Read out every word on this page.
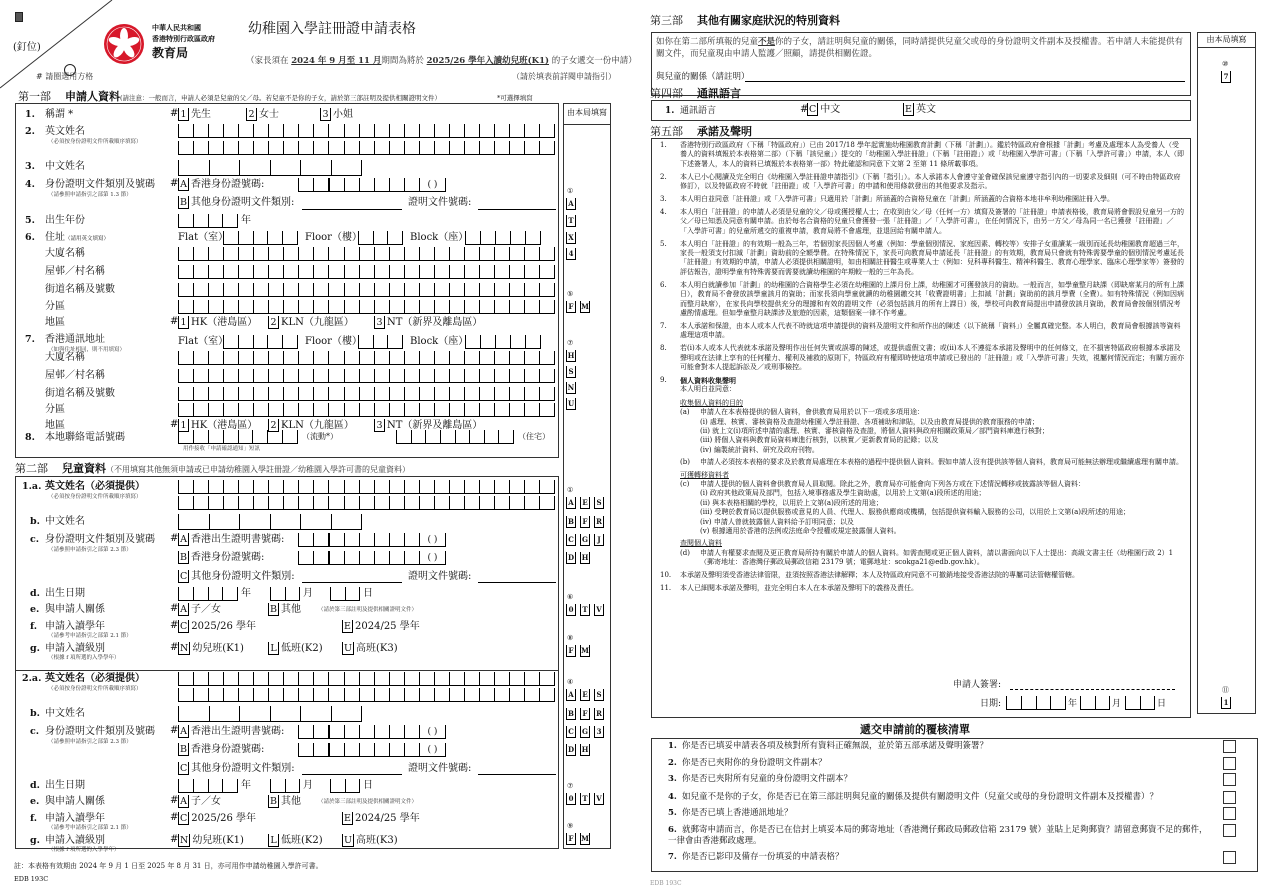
(釘位)
中華人民共和國
香港特別行政區政府
教育局
幼稚園入學註冊證申請表格
（家長須在 2024 年 9 月至 11 月期間為將於 2025/26 學年入讀幼兒班(K1) 的子女遞交一份申請）
# 請圈選用方格	（請於填表前詳閱申請指引）
第一部 申請人資料(請注意：一般而言，申請人必須是兒童的父／母。若兒童不是你的子女，請於第三部註明及提供相關證明文件）	*可選擇填寫
由本局填寫
1. 稱謂 *	# 1 先生	2 女士	3 小姐
2. 英文姓名
（必須按身份證明文件所載順序填寫）
3. 中文姓名
4. 身份證明文件類別及號碼
（請參照申請指引之部第 1.3 節）
# A 香港身份證號碼:	( )
B 其他身份證明文件類別:	證明文件號碼:
5. 出生年份	年
6. 住址（請用英文填寫）	Flat（室）	Floor（樓）	Block（座）
大廈名稱
屋邨／村名稱
街道名稱及號數
分區
地區	# 1 HK（港島區） 2 KLN（九龍區） 3 NT（新界及離島區）
7. 香港通訊地址
（如與住址相同，則不用填寫）
Flat（室）	Floor（樓）	Block（座）
大廈名稱
屋邨／村名稱
街道名稱及號數
分區
地區	# 1 HK（港島區） 2 KLN（九龍區） 3 NT（新界及離島區）
8. 本地聯絡電話號碼	（流動*）	（住宅）
用作接收「申請確認通知」短訊
第二部 兒童資料（不用填寫其他無須申請或已申請幼稚園入學註冊證／幼稚園入學許可書的兒童資料）
1.a. 英文姓名（必須提供）
（必須按身份證明文件所載順序填寫）
b. 中文姓名
c. 身份證明文件類別及號碼
（請參照申請指引之部第 2.3 節）
# A 香港出生證明書號碼:	( )
B 香港身份證號碼:	( )
C 其他身份證明文件類別:	證明文件號碼:
d. 出生日期	年	月	日
e. 與申請人關係	# A 子／女	B 其他	（請於第三部註明及提供相關證明文件）
f. 申請入讀學年
（請參考申請指引之部第 2.1 節）
# C 2025/26 學年	E 2024/25 學年
g. 申請入讀級別
（根據 f 項所選的入學學年）
# N 幼兒班(K1)	L 低班(K2) U 高班(K3)
2.a. 英文姓名（必須提供）
（必須按身份證明文件所載順序填寫）
b. 中文姓名
c. 身份證明文件類別及號碼
（請參照申請指引之部第 2.3 節）
# A 香港出生證明書號碼:	( )
B 香港身份證號碼:	( )
C 其他身份證明文件類別:	證明文件號碼:
d. 出生日期	年	月	日
e. 與申請人關係	# A 子／女	B 其他	（請於第三部註明及提供相關證明文件）
f. 申請入讀學年
（請參考申請指引之部第 2.1 節）
# C 2025/26 學年	E 2024/25 學年
g. 申請入讀級別
（根據 f 項所選的入學學年）
# N 幼兒班(K1)	L 低班(K2) U 高班(K3)
註：本表格有效期由 2024 年 9 月 1 日至 2025 年 8 月 31 日，亦可用作申請幼稚園入學許可書。
EDB 193C
第三部 其他有關家庭狀況的特別資料
如你在第二部所填報的兒童不是你的子女，請註明與兒童的關係，同時請提供兒童父或母的身份證明文件副本及授權書。若申請人未能提供有關文件，而兒童現由申請人監護／照顧，請提供相關佐證。
與兒童的關係（請註明）
由本局填寫
⑩
7
第四部 通訊語言
1. 通訊語言	# C 中文	E 英文
第五部 承諾及聲明
1.	香港特別行政區政府（下稱「特區政府」）已由 2017/18 學年起實施幼稚園教育計劃（下稱「計劃」）。鑑於特區政府會根據「計劃」考慮及處理本人為受養人（受養人的資料填報於本表格第二部）（下稱「該兒童」）提交的「幼稚園入學註冊證」（下稱「註冊證」）或「幼稚園入學許可書」（下稱「入學許可書」）申請，本人（即下述簽署人，本人的資料已填報於本表格第一部）特此確認和同意下文第 2 至第 11 條所載事項。
2.	本人已小心閱讀及完全明白《幼稚園入學註冊證申請指引》（下稱「指引」）。本人承諾本人會遵守並會確保該兒童遵守指引內的一切要求及細則（可不時由特區政府修訂），以及特區政府不時就「註冊證」或「入學許可書」的申請和使用條款發出的其他要求及指示。
3.	本人明白並同意「註冊證」或「入學許可書」只適用於「計劃」所涵蓋的合資格兒童在「計劃」所涵蓋的合資格本地非牟利幼稚園註冊入學。
4.	本人明白「註冊證」的申請人必須是兒童的父／母或獲授權人士；在收到由父／母（任何一方）填寫及簽署的「註冊證」申請表格後，教育局將會假設兒童另一方的父／母已知悉及同意有關申請。由於每名合資格的兒童只會獲發一張「註冊證」／「入學許可書」，在任何情況下，由另一方父／母為同一名已獲發「註冊證」／「入學許可書」的兒童所遞交的重複申請，教育局將不會處理，並退回給有關申請人。
5.	本人明白「註冊證」的有效期一般為三年，若個別家長因個人考慮（例如：學童個別情況、家庭因素、轉校等）安排子女重讀某一級別而延長幼稚園教育超過三年，家長一般須支付扣減「計劃」資助前的全額學費。在特殊情況下，家長可向教育局申請延長「註冊證」的有效期，教育局只會就有特殊需要學童的個別情況考慮延長「註冊證」有效期的申請，申請人必須提供相關證明，如由相關註冊醫生或專業人士（例如：兒科專科醫生、精神科醫生、教育心理學家、臨床心理學家等）簽發的評估報告，證明學童有特殊需要而需要就讀幼稚園的年期較一般的三年為長。
6.	本人明白就讀參加「計劃」的幼稚園的合資格學生必須在幼稚園的上課月份上課，幼稚園才可獲發該月的資助。一般而言，如學童整月缺課（即缺席某月的所有上課日），教育局不會發放該學童該月的資助；而家長須向學童就讀的幼稚園繳交其「收費證明書」上扣減「計劃」資助前的該月學費（全費）。如有特殊情況（例如因病而整月缺席），在家長向學校提供充分的理據和有效的證明文件（必須包括該月的所有上課日）後，學校可向教育局提出申請發放該月資助，教育局會按個別情況考慮酌情處理。但如學童整月缺課涉及旅遊的因素，這類個案一律不作考慮。
7.	本人承諾和保證，由本人或本人代表不時就這項申請提供的資料及證明文件和所作出的陳述（以下統稱「資料」）全屬真確完整。本人明白，教育局會根據該等資料處理這項申請。
8.	若(i)本人或本人代表就本承諾及聲明作出任何失實或誤導的陳述，或提供虛假文書；或(ii)本人不遵從本承諾及聲明中的任何條文，在不損害特區政府根據本承諾及聲明或在法律上享有的任何權力、權利及補救的原則下，特區政府有權即時使這項申請或已發出的「註冊證」或「入學許可書」失效，視屬何情況而定；有關方面亦可能會對本人提起訴訟及／或刑事檢控。
9.	個人資料收集聲明
本人明白並同意：
收集個人資料的目的
(a)	申請人在本表格提供的個人資料，會供教育局用於以下一項或多項用途：
(i) 處理、核實、審核資格及查證幼稚園入學註冊證、各項補助和津貼，以及由教育局提供的教育服務的申請；
(ii) 就上文(i)項所述申請的處理、核實、審核資格及查證，將個人資料與政府相關政策局／部門資料庫進行核對；
(iii) 將個人資料與教育局資料庫進行核對，以核實／更新教育局的記錄；以及
(iv) 編製統計資料、研究及政府刊物。
(b)	申請人必須按本表格的要求及於教育局處理在本表格的過程中提供個人資料。假如申請人沒有提供該等個人資料，教育局可能無法辦理或繼續處理有關申請。
可獲轉移資料者
(c)	申請人提供的個人資料會供教育局人員取閱。除此之外，教育局亦可能會向下列各方或在下述情況轉移或披露該等個人資料：
(i) 政府其他政策局及部門，包括入境事務處及學生資助處，以用於上文第(a)段所述的用途；
(ii) 與本表格相關的學校，以用於上文第(a)段所述的用途；
(iii) 受聘於教育局以提供服務或意見的人員、代理人、服務供應商或機構，包括提供資料輸入服務的公司，以用於上文第(a)段所述的用途；
(iv) 申請人曾就披露個人資料給予訂明同意；以及
(v) 根據適用於香港的法例或法庭命令授權或規定披露個人資料。
查閱個人資料
(d)	申請人有權要求查閱及更正教育局所持有關於申請人的個人資料。如需查閱或更正個人資料，請以書面向以下人士提出：高級文書主任（幼稚園行政 2）1（郵寄地址：香港灣仔郵政局郵政信箱 23179 號；電郵地址：scokga21@edb.gov.hk）。
10.	本承諾及聲明須受香港法律管限，並須按照香港法律解釋；本人及特區政府同意不可撤銷地接受香港法院的專屬司法管轄權管轄。
11.	本人已細閱本承諾及聲明，並完全明白本人在本承諾及聲明下的義務及責任。
申請人簽署:
日期:	年	月	日
⑪
1
遞交申請前的覆核清單
EDB 193C
1. 你是否已填妥申請表各項及核對所有資料正確無誤，並於第五部承諾及聲明簽署？
2. 你是否已夾附你的身份證明文件副本？
3. 你是否已夾附所有兒童的身份證明文件副本？
4. 如兒童不是你的子女，你是否已在第三部註明與兒童的關係及提供有關證明文件（兒童父或母的身份證明文件副本及授權書）？
5. 你是否已填上香港通訊地址？
6. 就郵寄申請而言，你是否已在信封上填妥本局的郵寄地址（香港灣仔郵政局郵政信箱 23179 號）並貼上足夠郵資？請留意郵資不足的郵件，一律會由香港郵政處理。
7. 你是否已影印及備存一份填妥的申請表格？
①
A
T
X
4
⑤
F	M
⑦
H
S
N
U
①
A	E	S
B	F	R
C	G	J
D H
⑥
0	T	V
⑧
F	M
④
A	E	S
B	F	R
C	G	3
D H
⑦
0	T	V
⑨
F	M
